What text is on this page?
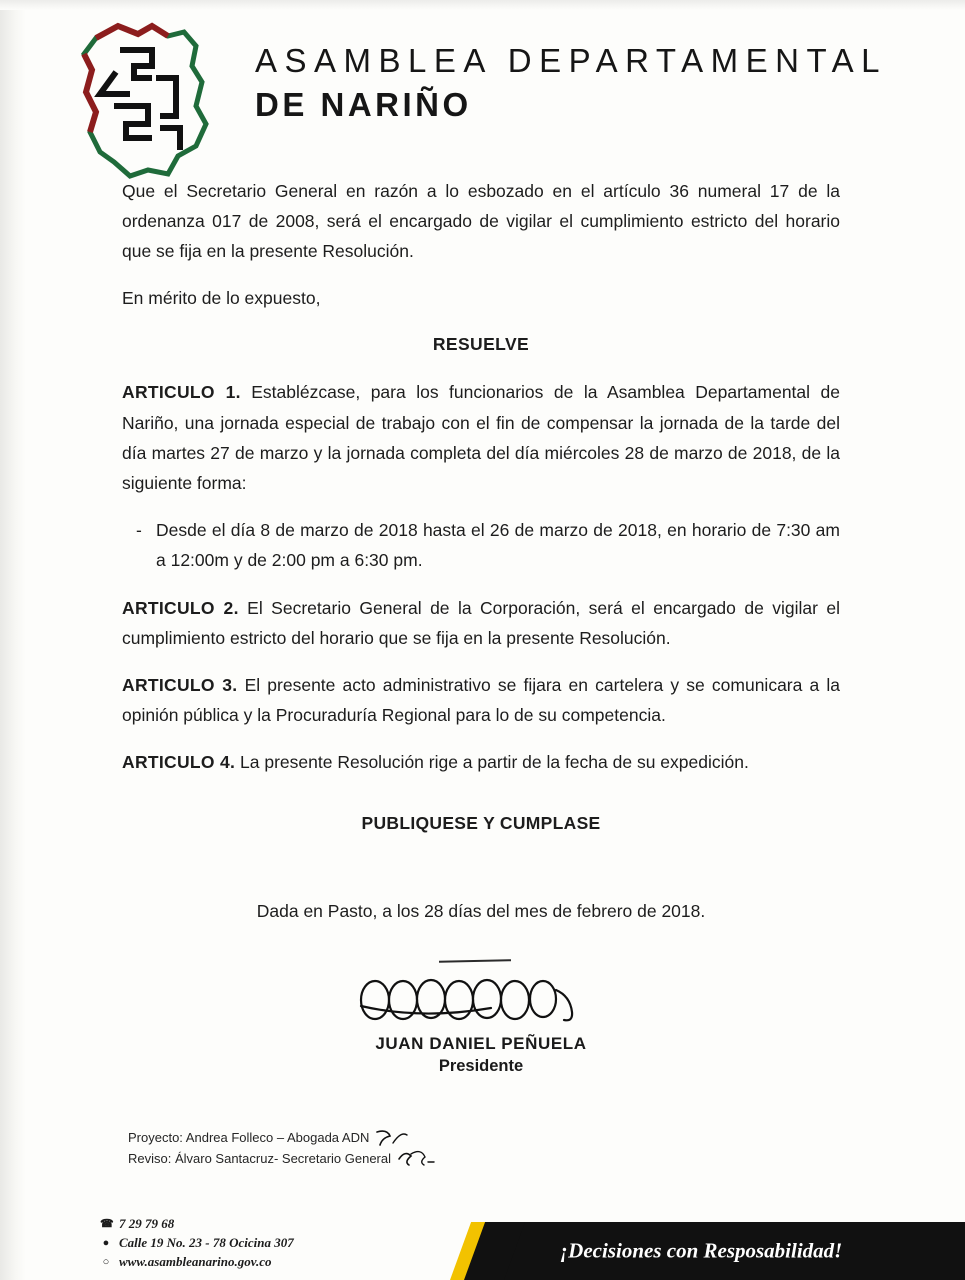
ASAMBLEA DEPARTAMENTAL
DE NARIÑO

Que el Secretario General en razón a lo esbozado en el artículo 36 numeral 17 de la ordenanza 017 de 2008, será el encargado de vigilar el cumplimiento estricto del horario que se fija en la presente Resolución.

En mérito de lo expuesto,

RESUELVE

ARTICULO 1. Establézcase, para los funcionarios de la Asamblea Departamental de Nariño, una jornada especial de trabajo con el fin de compensar la jornada de la tarde del día martes 27 de marzo y la jornada completa del día miércoles 28 de marzo de 2018, de la siguiente forma:

- Desde el día 8 de marzo de 2018 hasta el 26 de marzo de 2018, en horario de 7:30 am a 12:00m y de 2:00 pm a 6:30 pm.

ARTICULO 2. El Secretario General de la Corporación, será el encargado de vigilar el cumplimiento estricto del horario que se fija en la presente Resolución.

ARTICULO 3. El presente acto administrativo se fijara en cartelera y se comunicara a la opinión pública y la Procuraduría Regional para lo de su competencia.

ARTICULO 4. La presente Resolución rige a partir de la fecha de su expedición.

PUBLIQUESE Y CUMPLASE
Dada en Pasto, a los 28 días del mes de febrero de 2018.
JUAN DANIEL PEÑUELA
Presidente
Proyecto: Andrea Folleco – Abogada ADN
Reviso: Álvaro Santacruz- Secretario General
☎ 7 29 79 68
● Calle 19 No. 23 - 78 Ocicina 307
○ www.asambleanarino.gov.co	¡Decisiones con Resposabilidad!
